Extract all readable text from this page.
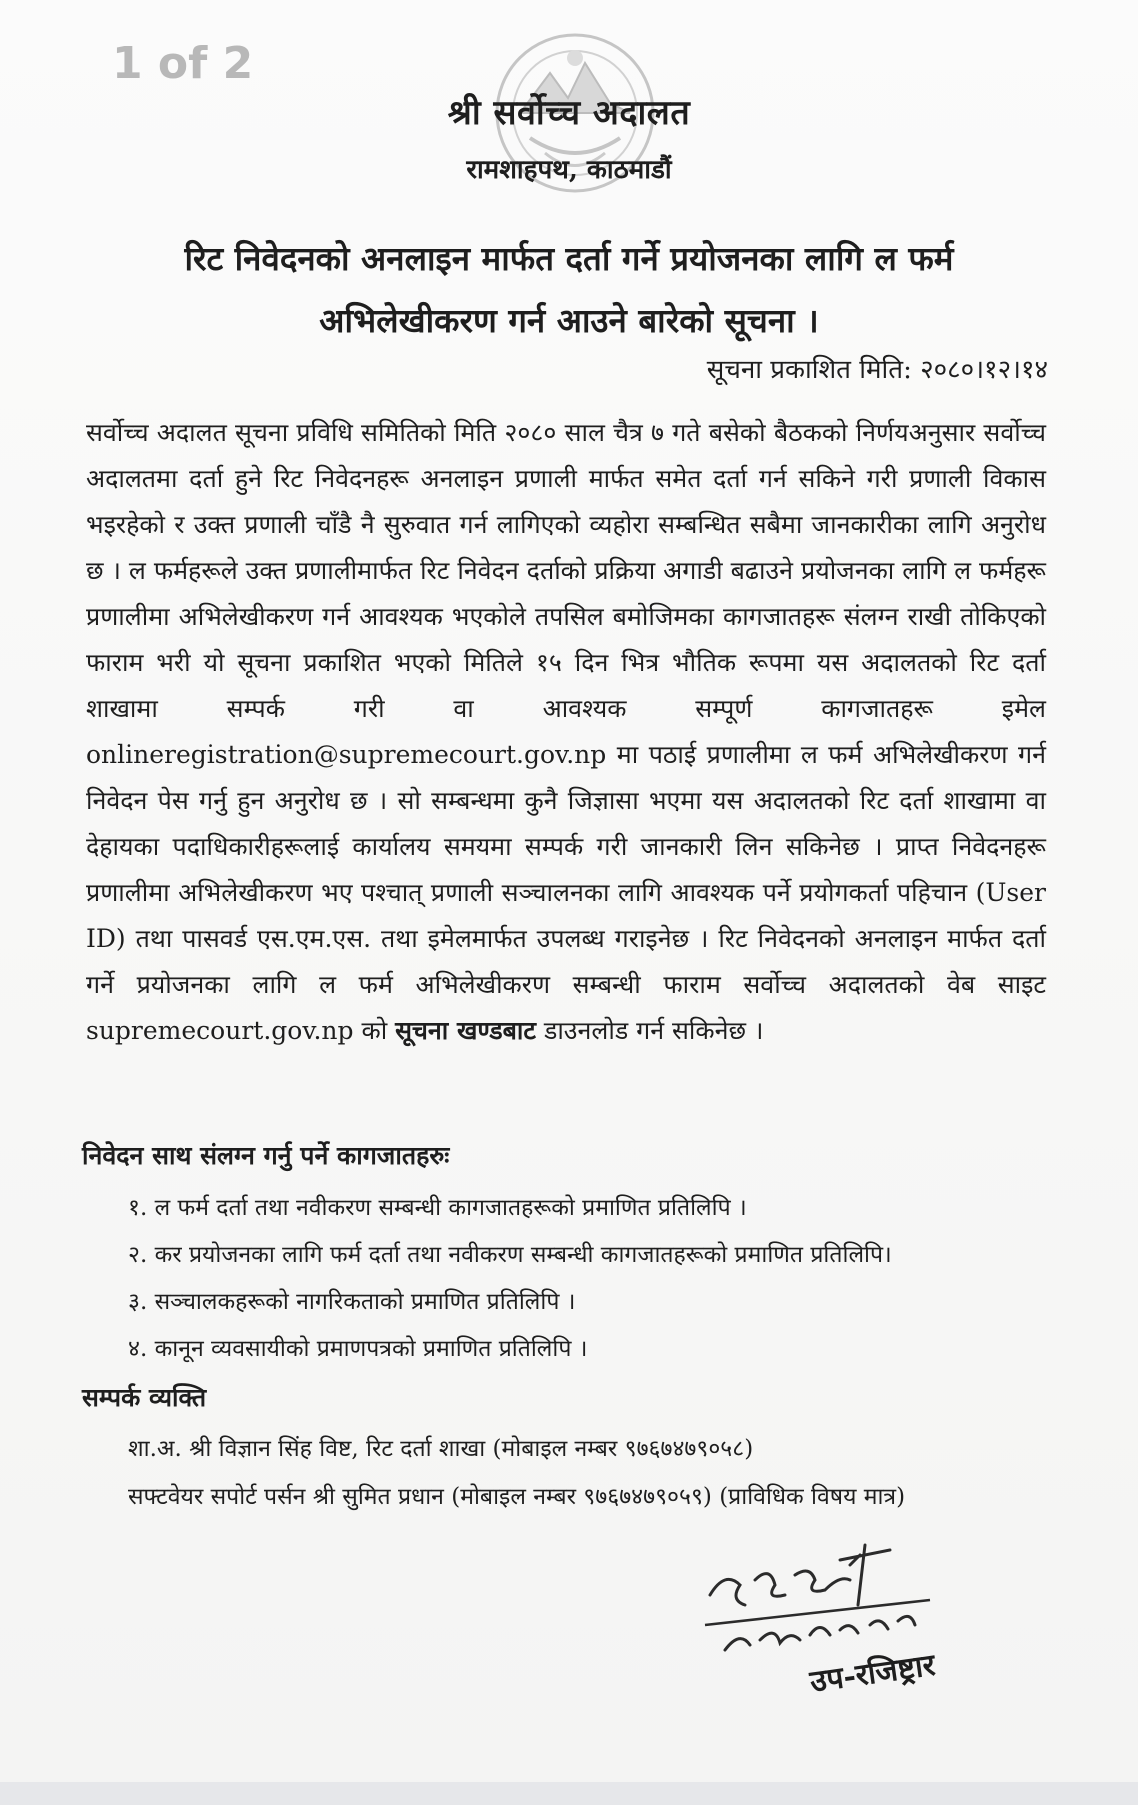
1 of 2
श्री सर्वोच्च अदालत
रामशाहपथ, काठमाडौं
रिट निवेदनको अनलाइन मार्फत दर्ता गर्ने प्रयोजनका लागि ल फर्म
अभिलेखीकरण गर्न आउने बारेको सूचना ।
सूचना प्रकाशित मिति: २०८०।१२।१४
सर्वोच्च अदालत सूचना प्रविधि समितिको मिति २०८० साल चैत्र ७ गते बसेको बैठकको निर्णयअनुसार सर्वोच्च अदालतमा दर्ता हुने रिट निवेदनहरू अनलाइन प्रणाली मार्फत समेत दर्ता गर्न सकिने गरी प्रणाली विकास भइरहेको र उक्त प्रणाली चाँडै नै सुरुवात गर्न लागिएको व्यहोरा सम्बन्धित सबैमा जानकारीका लागि अनुरोध छ । ल फर्महरूले उक्त प्रणालीमार्फत रिट निवेदन दर्ताको प्रक्रिया अगाडी बढाउने प्रयोजनका लागि ल फर्महरू प्रणालीमा अभिलेखीकरण गर्न आवश्यक भएकोले तपसिल बमोजिमका कागजातहरू संलग्न राखी तोकिएको फाराम भरी यो सूचना प्रकाशित भएको मितिले १५ दिन भित्र भौतिक रूपमा यस अदालतको रिट दर्ता शाखामा सम्पर्क गरी वा आवश्यक सम्पूर्ण कागजातहरू इमेल onlineregistration@supremecourt.gov.np मा पठाई प्रणालीमा ल फर्म अभिलेखीकरण गर्न निवेदन पेस गर्नु हुन अनुरोध छ । सो सम्बन्धमा कुनै जिज्ञासा भएमा यस अदालतको रिट दर्ता शाखामा वा देहायका पदाधिकारीहरूलाई कार्यालय समयमा सम्पर्क गरी जानकारी लिन सकिनेछ । प्राप्त निवेदनहरू प्रणालीमा अभिलेखीकरण भए पश्चात् प्रणाली सञ्चालनका लागि आवश्यक पर्ने प्रयोगकर्ता पहिचान (User ID) तथा पासवर्ड एस.एम.एस. तथा इमेलमार्फत उपलब्ध गराइनेछ । रिट निवेदनको अनलाइन मार्फत दर्ता गर्ने प्रयोजनका लागि ल फर्म अभिलेखीकरण सम्बन्धी फाराम सर्वोच्च अदालतको वेब साइट supremecourt.gov.np को सूचना खण्डबाट डाउनलोड गर्न सकिनेछ ।
निवेदन साथ संलग्न गर्नु पर्ने कागजातहरुः
१. ल फर्म दर्ता तथा नवीकरण सम्बन्धी कागजातहरूको प्रमाणित प्रतिलिपि ।
२. कर प्रयोजनका लागि फर्म दर्ता तथा नवीकरण सम्बन्धी कागजातहरूको प्रमाणित प्रतिलिपि।
३. सञ्चालकहरूको नागरिकताको प्रमाणित प्रतिलिपि ।
४. कानून व्यवसायीको प्रमाणपत्रको प्रमाणित प्रतिलिपि ।
सम्पर्क व्यक्ति
शा.अ. श्री विज्ञान सिंह विष्ट, रिट दर्ता शाखा (मोबाइल नम्बर ९७६७४७९०५८)
सफ्टवेयर सपोर्ट पर्सन श्री सुमित प्रधान (मोबाइल नम्बर ९७६७४७९०५९) (प्राविधिक विषय मात्र)
उप-रजिष्ट्रार
